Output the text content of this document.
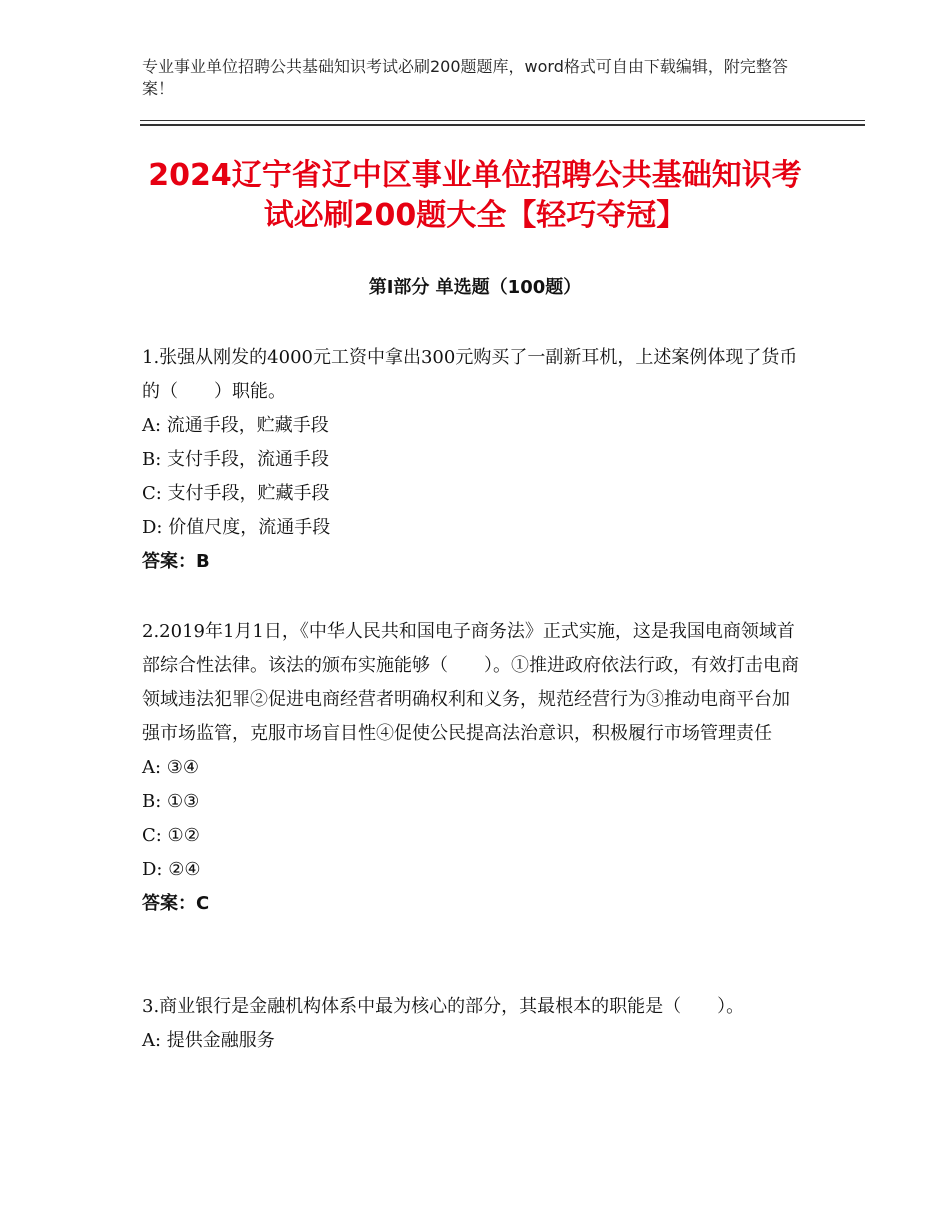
专业事业单位招聘公共基础知识考试必刷200题题库，word格式可自由下载编辑，附完整答案！
2024辽宁省辽中区事业单位招聘公共基础知识考试必刷200题大全【轻巧夺冠】
第Ⅰ部分 单选题（100题）

1.张强从刚发的4000元工资中拿出300元购买了一副新耳机，上述案例体现了货币的（　　）职能。

A: 流通手段，贮藏手段

B: 支付手段，流通手段

C: 支付手段，贮藏手段

D: 价值尺度，流通手段

答案：B

2.2019年1月1日，《中华人民共和国电子商务法》正式实施，这是我国电商领域首部综合性法律。该法的颁布实施能够（　　）。①推进政府依法行政，有效打击电商领域违法犯罪②促进电商经营者明确权利和义务，规范经营行为③推动电商平台加强市场监管，克服市场盲目性④促使公民提高法治意识，积极履行市场管理责任

A: ③④

B: ①③

C: ①②

D: ②④

答案：C

3.商业银行是金融机构体系中最为核心的部分，其最根本的职能是（　　）。

A: 提供金融服务
